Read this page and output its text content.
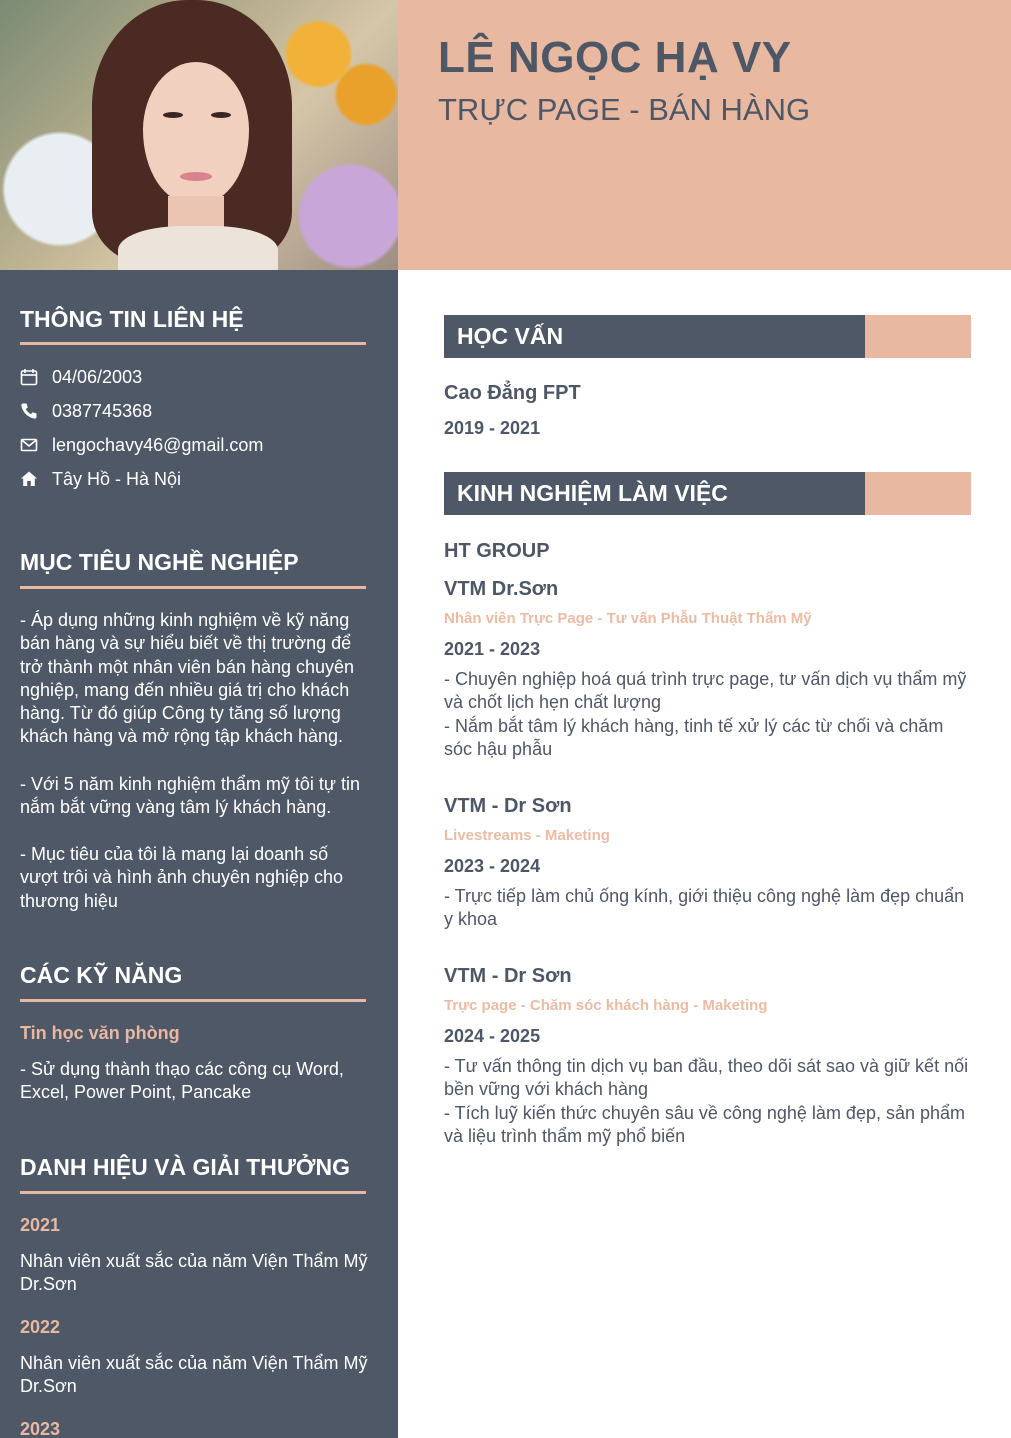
LÊ NGỌC HẠ VY
TRỰC PAGE - BÁN HÀNG
THÔNG TIN LIÊN HỆ
04/06/2003
0387745368
lengochavy46@gmail.com
Tây Hồ - Hà Nội
MỤC TIÊU NGHỀ NGHIỆP
- Áp dụng những kinh nghiệm về kỹ năng bán hàng và sự hiểu biết về thị trường để trở thành một nhân viên bán hàng chuyên nghiệp, mang đến nhiều giá trị cho khách hàng. Từ đó giúp Công ty tăng số lượng khách hàng và mở rộng tập khách hàng.
- Với 5 năm kinh nghiệm thẩm mỹ tôi tự tin nắm bắt vững vàng tâm lý khách hàng.
- Mục tiêu của tôi là mang lại doanh số vượt trôi và hình ảnh chuyên nghiệp cho thương hiệu
CÁC KỸ NĂNG
Tin học văn phòng
- Sử dụng thành thạo các công cụ Word, Excel, Power Point, Pancake
DANH HIỆU VÀ GIẢI THƯỞNG
2021
Nhân viên xuất sắc của năm Viện Thẩm Mỹ Dr.Sơn
2022
Nhân viên xuất sắc của năm Viện Thẩm Mỹ Dr.Sơn
2023
HỌC VẤN
Cao Đẳng FPT
2019 - 2021
KINH NGHIỆM LÀM VIỆC
HT GROUP
VTM Dr.Sơn
Nhân viên Trực Page - Tư vấn Phẫu Thuật Thẩm Mỹ
2021 - 2023
- Chuyên nghiệp hoá quá trình trực page, tư vấn dịch vụ thẩm mỹ và chốt lịch hẹn chất lượng
- Nắm bắt tâm lý khách hàng, tinh tế xử lý các từ chối và chăm sóc hậu phẫu
VTM - Dr Sơn
Livestreams - Maketing
2023 - 2024
- Trực tiếp làm chủ ống kính, giới thiệu công nghệ làm đẹp chuẩn y khoa
VTM - Dr Sơn
Trực page - Chăm sóc khách hàng - Maketing
2024 - 2025
- Tư vấn thông tin dịch vụ ban đầu, theo dõi sát sao và giữ kết nối bền vững với khách hàng
- Tích luỹ kiến thức chuyên sâu về công nghệ làm đẹp, sản phẩm và liệu trình thẩm mỹ phổ biến
